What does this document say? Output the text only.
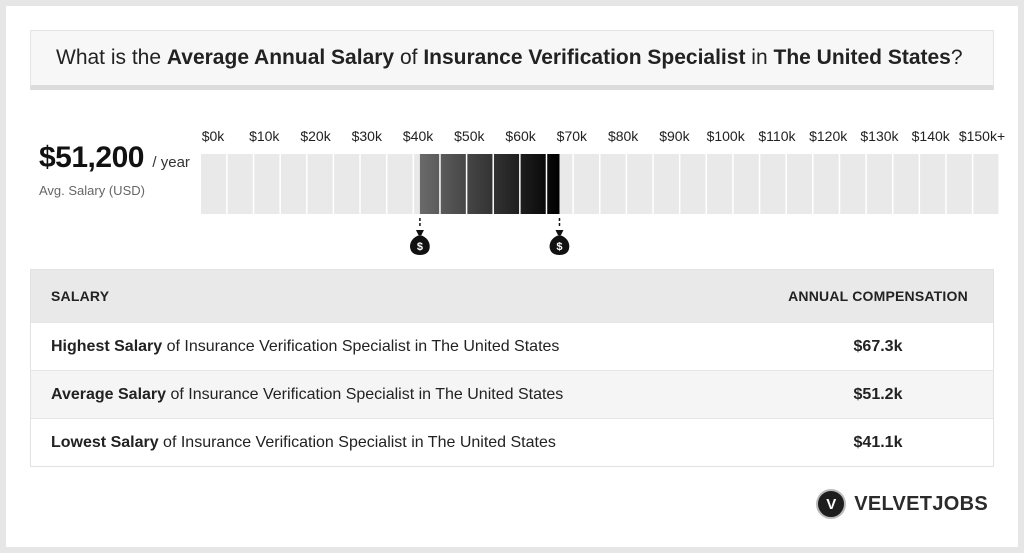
What is the
Average Annual Salary
of
Insurance Verification Specialist
in
The United States ?
$51,200 / year
Avg. Salary (USD)
$0k $10k $20k $30k $40k $50k $60k $70k $80k $90k $100k $110k $120k $130k $140k $150k+
SALARY	ANNUAL COMPENSATION
Highest Salary of Insurance Verification Specialist in The United States	$67.3k
Average Salary of Insurance Verification Specialist in The United States	$51.2k
Lowest Salary of Insurance Verification Specialist in The United States	$41.1k
V VELVETJOBS
